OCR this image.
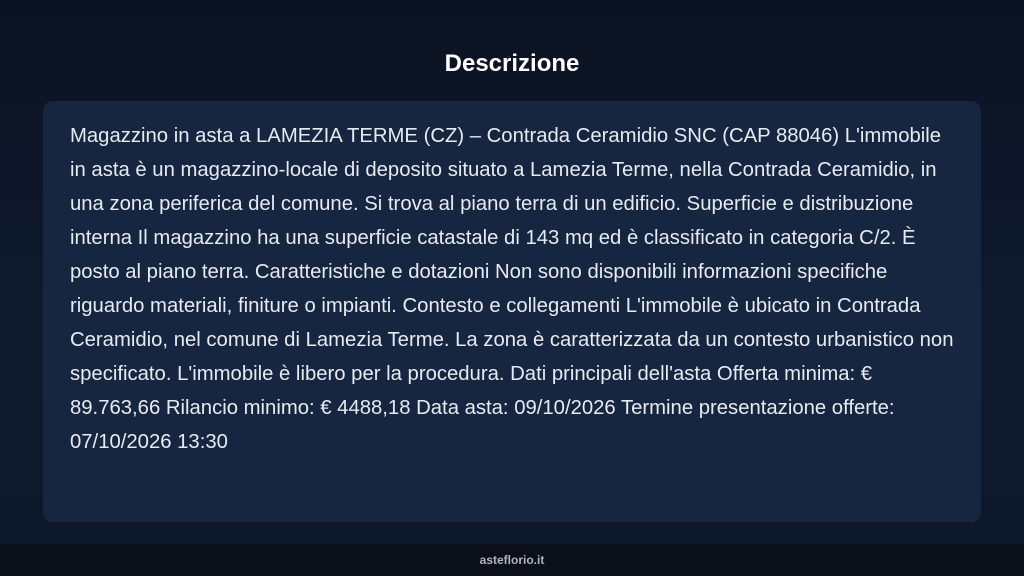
Descrizione

Magazzino in asta a LAMEZIA TERME (CZ) – Contrada Ceramidio SNC (CAP 88046) L'immobile in asta è un magazzino-locale di deposito situato a Lamezia Terme, nella Contrada Ceramidio, in una zona periferica del comune. Si trova al piano terra di un edificio. Superficie e distribuzione interna Il magazzino ha una superficie catastale di 143 mq ed è classificato in categoria C/2. È posto al piano terra. Caratteristiche e dotazioni Non sono disponibili informazioni specifiche riguardo materiali, finiture o impianti. Contesto e collegamenti L'immobile è ubicato in Contrada Ceramidio, nel comune di Lamezia Terme. La zona è caratterizzata da un contesto urbanistico non specificato. L'immobile è libero per la procedura. Dati principali dell'asta Offerta minima: € 89.763,66 Rilancio minimo: € 4488,18 Data asta: 09/10/2026 Termine presentazione offerte: 07/10/2026 13:30

asteflorio.it
